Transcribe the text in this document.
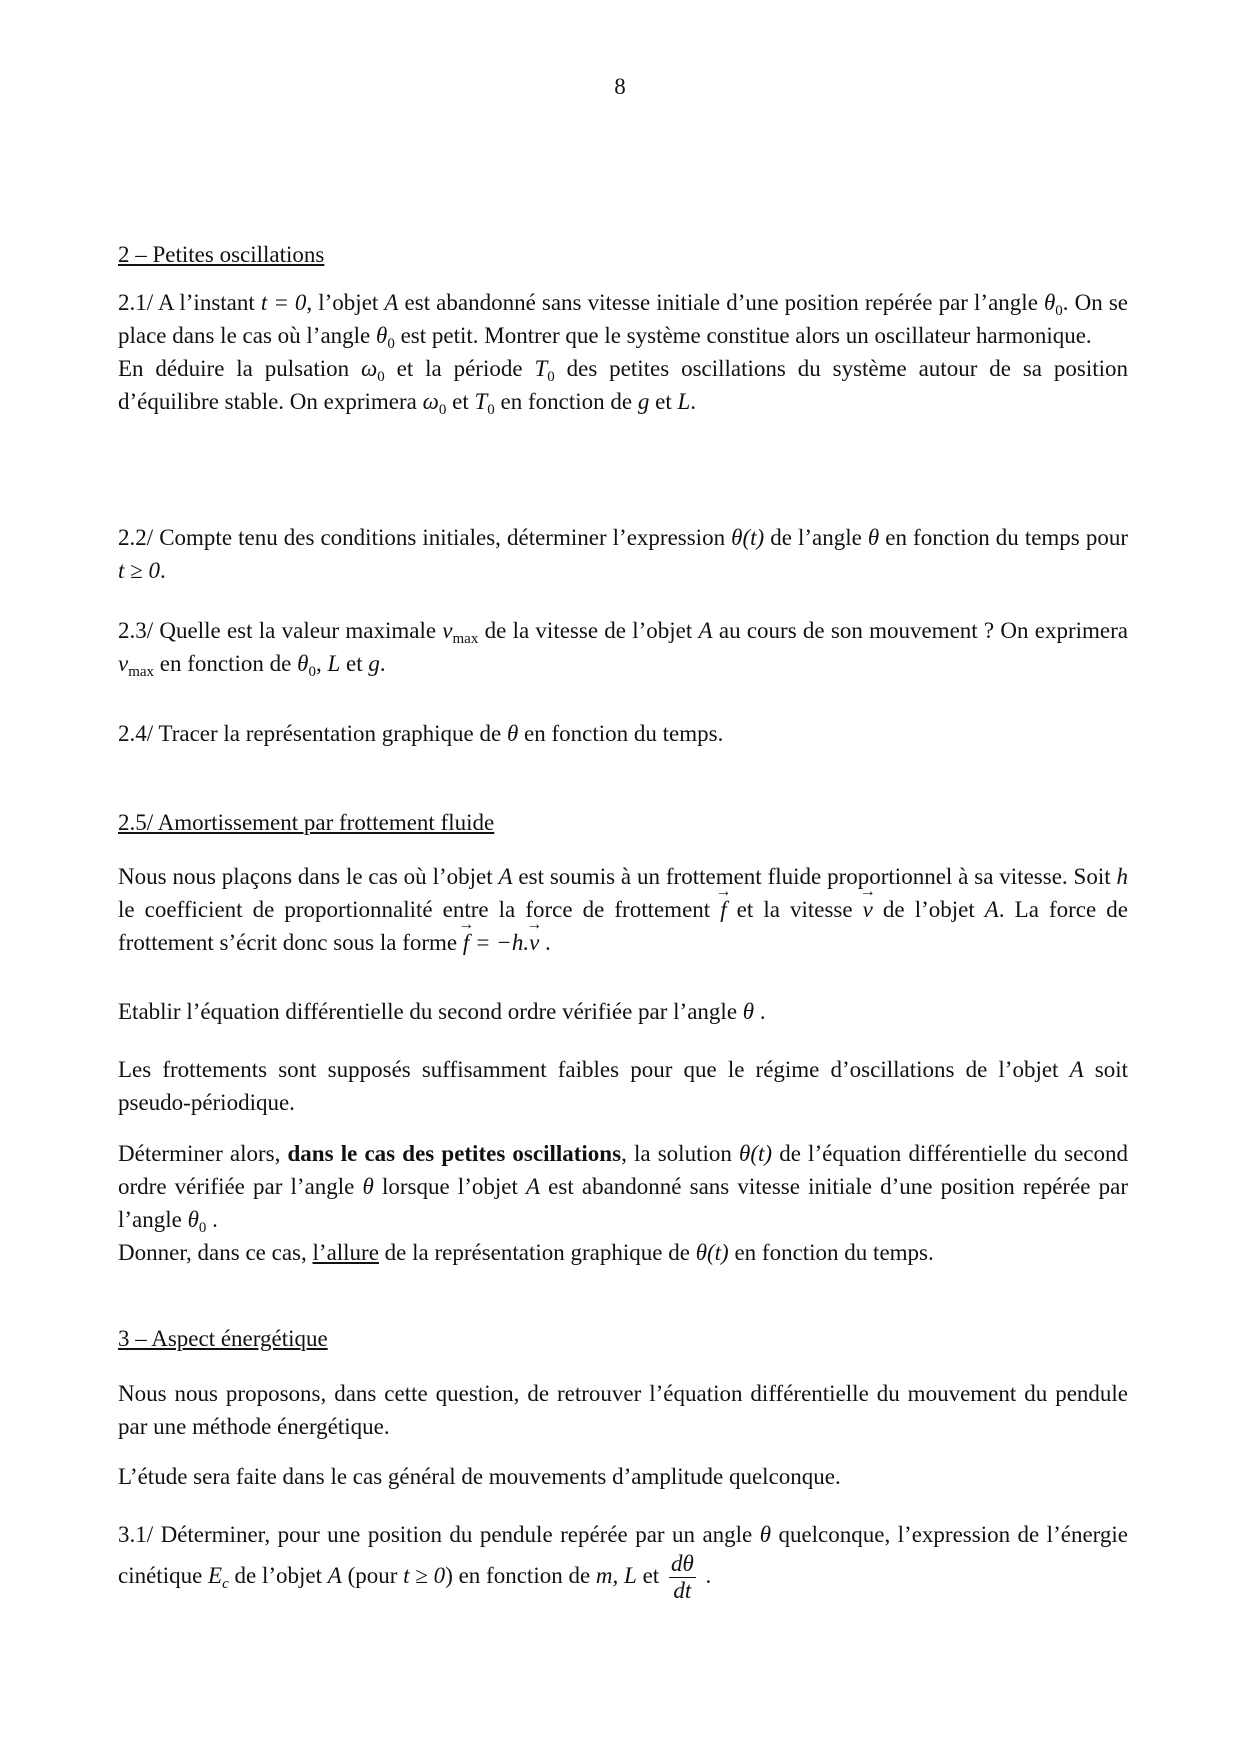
8

2 – Petites oscillations

2.1/ A l’instant t = 0, l’objet A est abandonné sans vitesse initiale d’une position repérée par l’angle $\theta_0$. On se place dans le cas où l’angle $\theta_0$ est petit. Montrer que le système constitue alors un oscillateur harmonique.

En déduire la pulsation $\omega_0$ et la période $T_0$ des petites oscillations du système autour de sa position d’équilibre stable. On exprimera $\omega_0$ et $T_0$ en fonction de g et L.

2.2/ Compte tenu des conditions initiales, déterminer l’expression θ(t) de l’angle θ en fonction du temps pour t ≥ 0.

2.3/ Quelle est la valeur maximale $v_{max}$ de la vitesse de l’objet A au cours de son mouvement ? On exprimera $v_{max}$ en fonction de $\theta_0$, L et g.

2.4/ Tracer la représentation graphique de θ en fonction du temps.

2.5/ Amortissement par frottement fluide

Nous nous plaçons dans le cas où l’objet A est soumis à un frottement fluide proportionnel à sa vitesse. Soit h le coefficient de proportionnalité entre la force de frottement → f et la vitesse → v de l’objet A. La force de frottement s’écrit donc sous la forme → f = −h.→ v .

Etablir l’équation différentielle du second ordre vérifiée par l’angle θ .

Les frottements sont supposés suffisamment faibles pour que le régime d’oscillations de l’objet A soit pseudo-périodique.

Déterminer alors, dans le cas des petites oscillations, la solution θ(t) de l’équation différentielle du second ordre vérifiée par l’angle θ lorsque l’objet A est abandonné sans vitesse initiale d’une position repérée par l’angle $\theta_0$ .

Donner, dans ce cas, l’allure de la représentation graphique de θ(t) en fonction du temps.

3 – Aspect énergétique

Nous nous proposons, dans cette question, de retrouver l’équation différentielle du mouvement du pendule par une méthode énergétique.

L’étude sera faite dans le cas général de mouvements d’amplitude quelconque.

3.1/ Déterminer, pour une position du pendule repérée par un angle θ quelconque, l’expression de l’énergie cinétique $E_c$ de l’objet A (pour t ≥ 0) en fonction de m, L et $\frac{d\theta}{dt}$ .
